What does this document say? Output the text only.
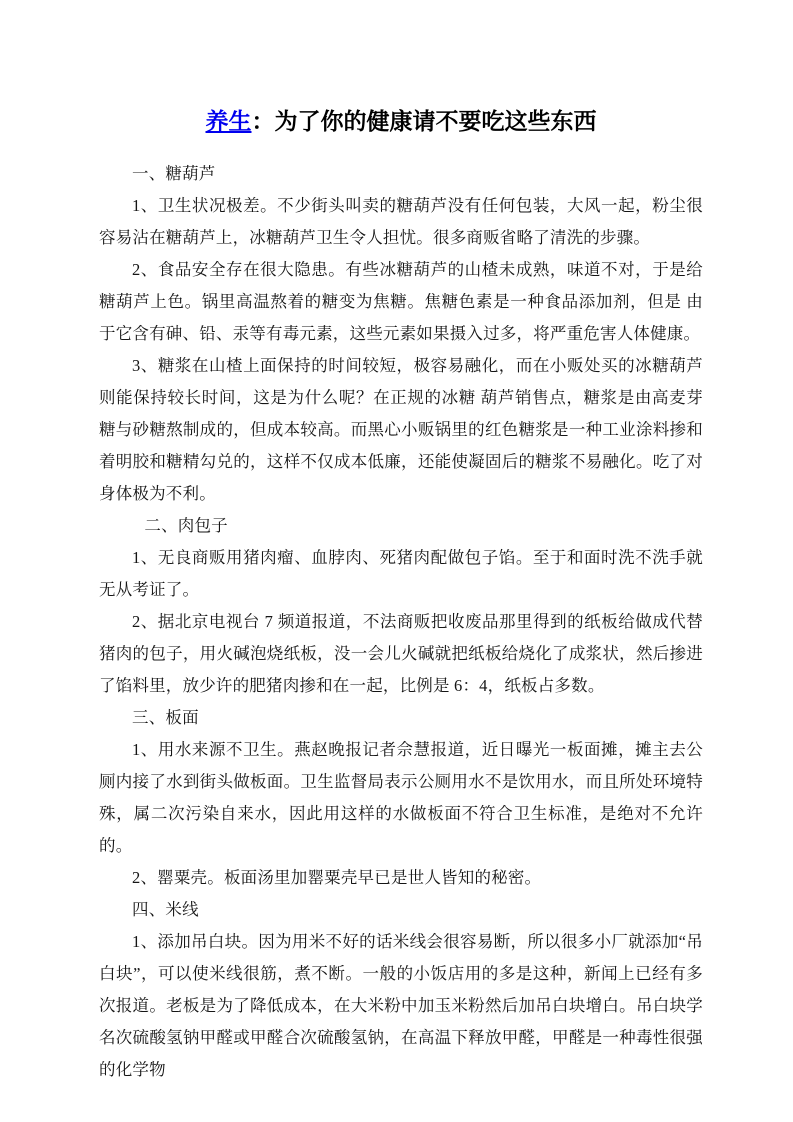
养生：为了你的健康请不要吃这些东西

一、糖葫芦

1、卫生状况极差。不少街头叫卖的糖葫芦没有任何包装，大风一起，粉尘很容易沾在糖葫芦上，冰糖葫芦卫生令人担忧。很多商贩省略了清洗的步骤。

2、食品安全存在很大隐患。有些冰糖葫芦的山楂未成熟，味道不对，于是给糖葫芦上色。锅里高温熬着的糖变为焦糖。焦糖色素是一种食品添加剂，但是 由于它含有砷、铅、汞等有毒元素，这些元素如果摄入过多，将严重危害人体健康。

3、糖浆在山楂上面保持的时间较短，极容易融化，而在小贩处买的冰糖葫芦则能保持较长时间，这是为什么呢？在正规的冰糖 葫芦销售点，糖浆是由高麦芽糖与砂糖熬制成的，但成本较高。而黑心小贩锅里的红色糖浆是一种工业涂料掺和着明胶和糖精勾兑的，这样不仅成本低廉，还能使凝固后的糖浆不易融化。吃了对身体极为不利。

二、肉包子

1、无良商贩用猪肉瘤、血脖肉、死猪肉配做包子馅。至于和面时洗不洗手就无从考证了。

2、据北京电视台 7 频道报道，不法商贩把收废品那里得到的纸板给做成代替猪肉的包子，用火碱泡烧纸板，没一会儿火碱就把纸板给烧化了成浆状，然后掺进了馅料里，放少许的肥猪肉掺和在一起，比例是 6：4，纸板占多数。

三、板面

1、用水来源不卫生。燕赵晚报记者佘慧报道，近日曝光一板面摊，摊主去公厕内接了水到街头做板面。卫生监督局表示公厕用水不是饮用水，而且所处环境特殊，属二次污染自来水，因此用这样的水做板面不符合卫生标准，是绝对不允许的。

2、罂粟壳。板面汤里加罂粟壳早已是世人皆知的秘密。

四、米线

1、添加吊白块。因为用米不好的话米线会很容易断，所以很多小厂就添加“吊白块”，可以使米线很筋，煮不断。一般的小饭店用的多是这种，新闻上已经有多次报道。老板是为了降低成本，在大米粉中加玉米粉然后加吊白块增白。吊白块学名次硫酸氢钠甲醛或甲醛合次硫酸氢钠，在高温下释放甲醛，甲醛是一种毒性很强的化学物
